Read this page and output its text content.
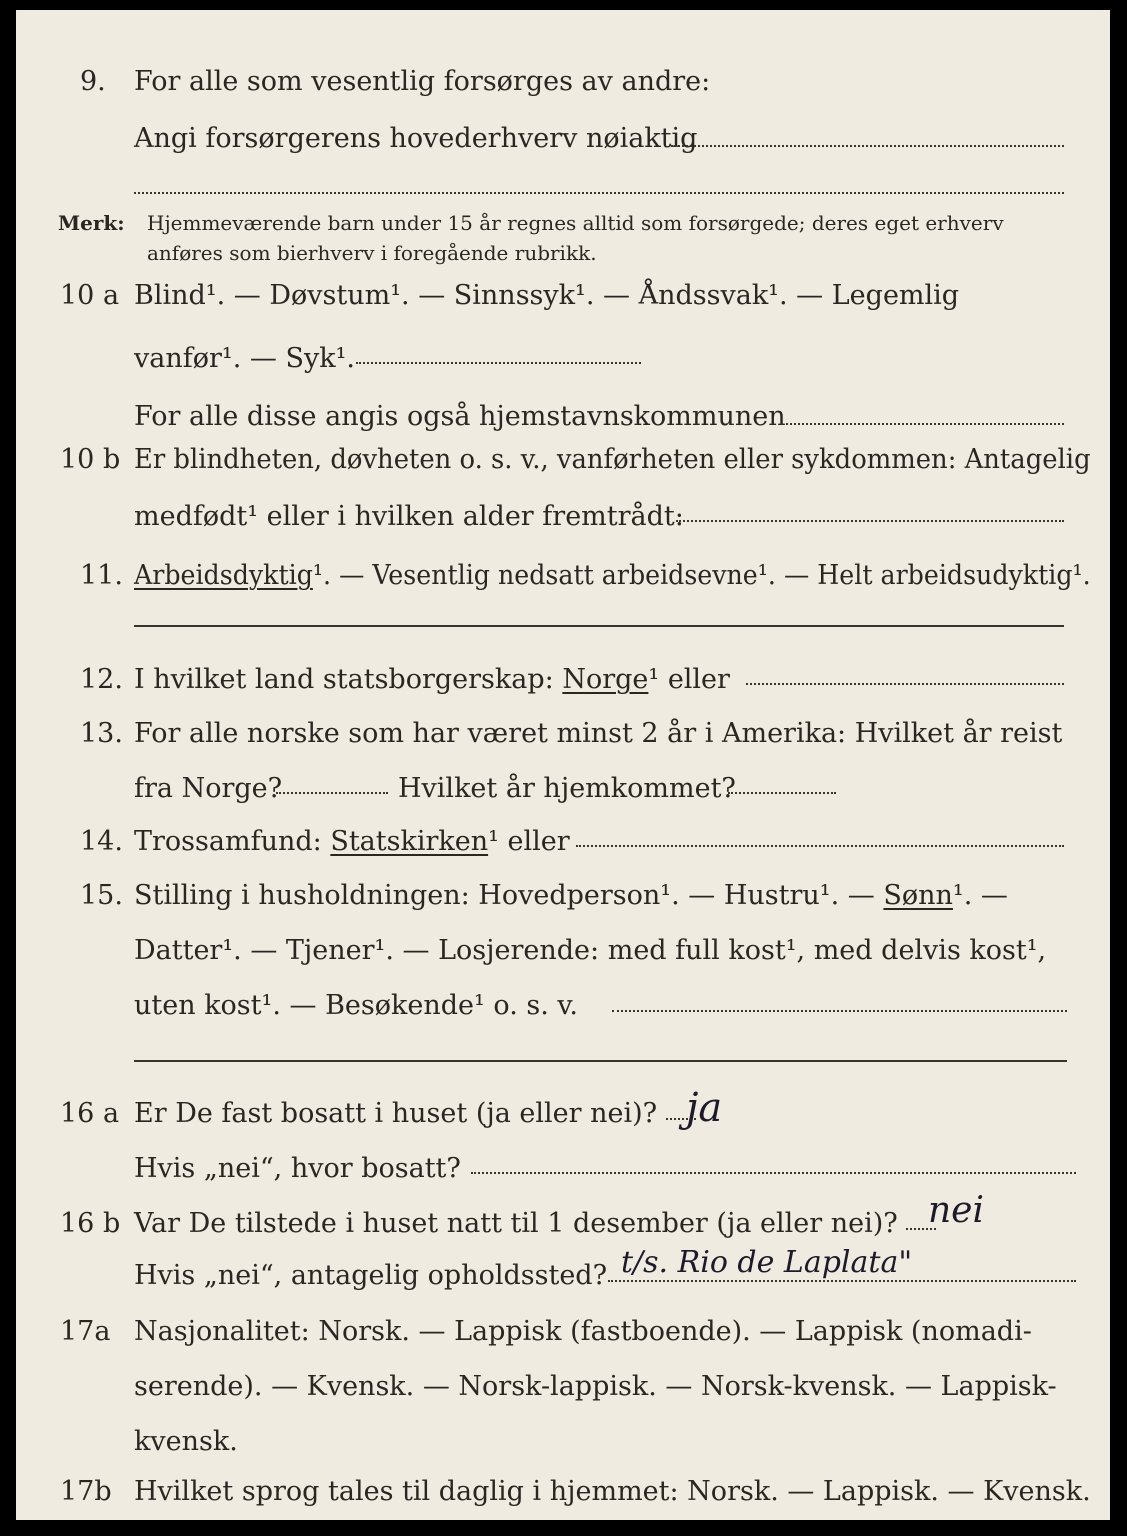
9. For alle som vesentlig forsørges av andre:
Angi forsørgerens hovederhverv nøiaktig
Merk: Hjemmeværende barn under 15 år regnes alltid som forsørgede; deres eget erhverv
anføres som bierhverv i foregående rubrikk.
10 a Blind¹. — Døvstum¹. — Sinnssyk¹. — Åndssvak¹. — Legemlig
vanfør¹. — Syk¹.
For alle disse angis også hjemstavnskommunen
10 b Er blindheten, døvheten o. s. v., vanførheten eller sykdommen: Antagelig
medfødt¹ eller i hvilken alder fremtrådt:
11. Arbeidsdyktig¹. — Vesentlig nedsatt arbeidsevne¹. — Helt arbeidsudyktig¹.
12. I hvilket land statsborgerskap: Norge¹ eller
13. For alle norske som har været minst 2 år i Amerika: Hvilket år reist
fra Norge?	Hvilket år hjemkommet?
14. Trossamfund: Statskirken¹ eller
15. Stilling i husholdningen: Hovedperson¹. — Hustru¹. — Sønn¹. —
Datter¹. — Tjener¹. — Losjerende: med full kost¹, med delvis kost¹,
uten kost¹. — Besøkende¹ o. s. v.
16 a Er De fast bosatt i huset (ja eller nei)? ja
Hvis „nei“, hvor bosatt?
16 b Var De tilstede i huset natt til 1 desember (ja eller nei)? nei
Hvis „nei“, antagelig opholdssted? t/s. Rio de Laplata"
17a Nasjonalitet: Norsk. — Lappisk (fastboende). — Lappisk (nomadi-
serende). — Kvensk. — Norsk-lappisk. — Norsk-kvensk. — Lappisk-
kvensk.
17b Hvilket sprog tales til daglig i hjemmet: Norsk. — Lappisk. — Kvensk.
